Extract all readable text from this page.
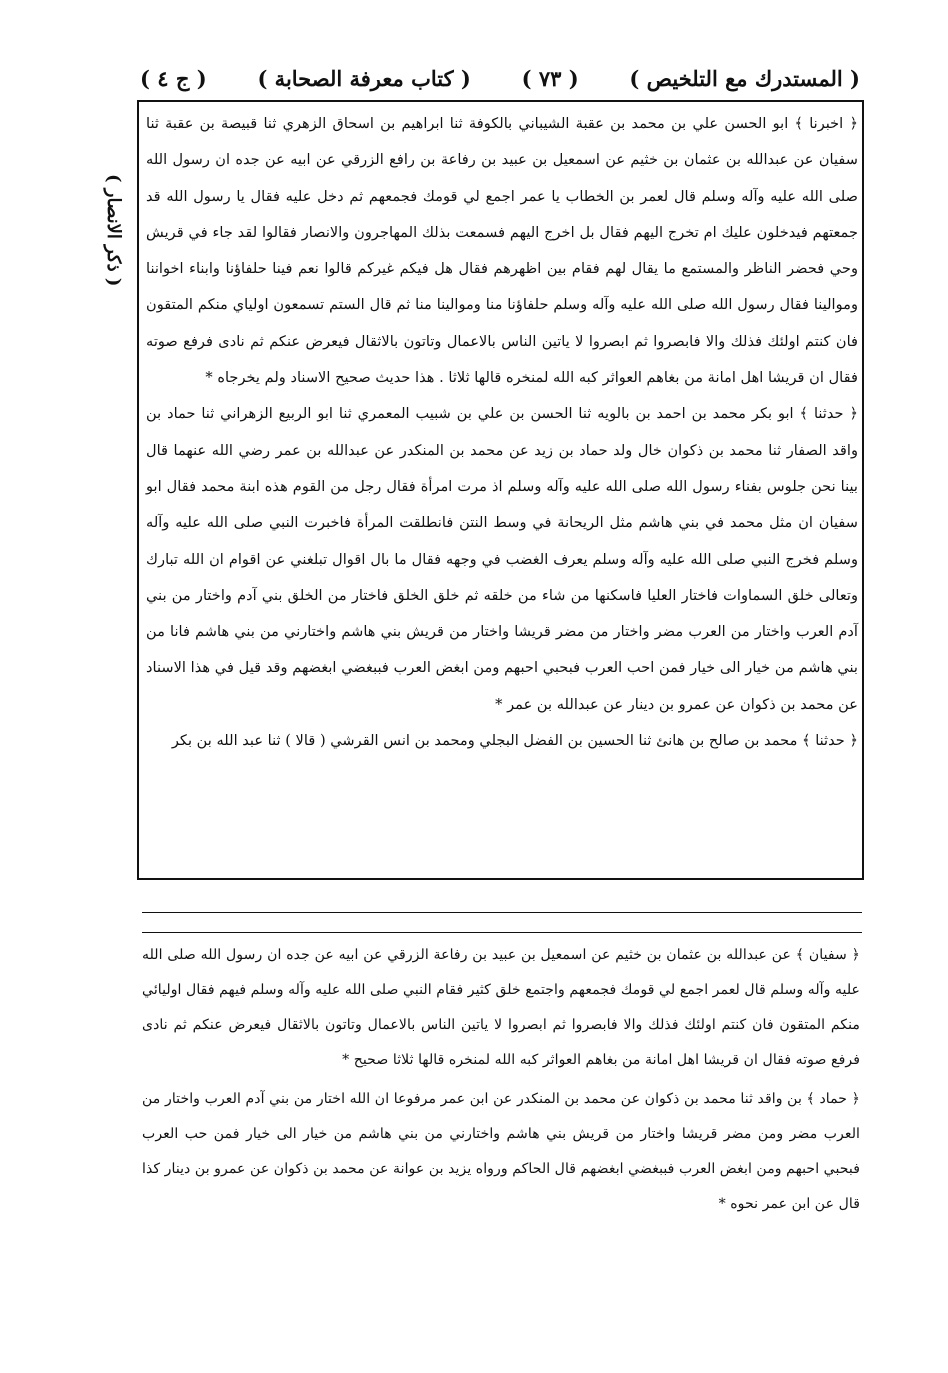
( المستدرك مع التلخيص )
( ٧٣ )
( كتاب معرفة الصحابة )
( ج ٤ )
( ذكر الانصار )

﴿ اخبرنا ﴾ ابو الحسن علي بن محمد بن عقبة الشيباني بالكوفة ثنا ابراهيم بن اسحاق الزهري ثنا قبيصة بن عقبة ثنا سفيان عن عبدالله بن عثمان بن خثيم عن اسمعيل بن عبيد بن رفاعة بن رافع الزرقي عن ابيه عن جده ان رسول الله صلى الله عليه وآله وسلم قال لعمر بن الخطاب يا عمر اجمع لي قومك فجمعهم ثم دخل عليه فقال يا رسول الله قد جمعتهم فيدخلون عليك ام تخرج اليهم فقال بل اخرج اليهم فسمعت بذلك المهاجرون والانصار فقالوا لقد جاء في قريش وحي فحضر الناظر والمستمع ما يقال لهم فقام بين اظهرهم فقال هل فيكم غيركم قالوا نعم فينا حلفاؤنا وابناء اخواننا وموالينا فقال رسول الله صلى الله عليه وآله وسلم حلفاؤنا منا وموالينا منا ثم قال الستم تسمعون اولياي منكم المتقون فان كنتم اولئك فذلك والا فابصروا ثم ابصروا لا ياتين الناس بالاعمال وتاتون بالاثقال فيعرض عنكم ثم نادى فرفع صوته فقال ان قريشا اهل امانة من بغاهم العواثر كبه الله لمنخره قالها ثلاثا . هذا حديث صحيح الاسناد ولم يخرجاه *

﴿ حدثنا ﴾ ابو بكر محمد بن احمد بن بالويه ثنا الحسن بن علي بن شبيب المعمري ثنا ابو الربيع الزهراني ثنا حماد بن واقد الصفار ثنا محمد بن ذكوان خال ولد حماد بن زيد عن محمد بن المنكدر عن عبدالله بن عمر رضي الله عنهما قال بينا نحن جلوس بفناء رسول الله صلى الله عليه وآله وسلم اذ مرت امرأة فقال رجل من القوم هذه ابنة محمد فقال ابو سفيان ان مثل محمد في بني هاشم مثل الريحانة في وسط النتن فانطلقت المرأة فاخبرت النبي صلى الله عليه وآله وسلم فخرج النبي صلى الله عليه وآله وسلم يعرف الغضب في وجهه فقال ما بال اقوال تبلغني عن اقوام ان الله تبارك وتعالى خلق السماوات فاختار العليا فاسكنها من شاء من خلقه ثم خلق الخلق فاختار من الخلق بني آدم واختار من بني آدم العرب واختار من العرب مضر واختار من مضر قريشا واختار من قريش بني هاشم واختارني من بني هاشم فانا من بني هاشم من خيار الى خيار فمن احب العرب فبحبي احبهم ومن ابغض العرب فببغضي ابغضهم وقد قيل في هذا الاسناد عن محمد بن ذكوان عن عمرو بن دينار عن عبدالله بن عمر *

﴿ حدثنا ﴾ محمد بن صالح بن هانئ ثنا الحسين بن الفضل البجلي ومحمد بن انس القرشي ( قالا ) ثنا عبد الله بن بكر

﴿ سفيان ﴾ عن عبدالله بن عثمان بن خثيم عن اسمعيل بن عبيد بن رفاعة الزرقي عن ابيه عن جده ان رسول الله صلى الله عليه وآله وسلم قال لعمر اجمع لي قومك فجمعهم واجتمع خلق كثير فقام النبي صلى الله عليه وآله وسلم فيهم فقال اوليائي منكم المتقون فان كنتم اولئك فذلك والا فابصروا ثم ابصروا لا ياتين الناس بالاعمال وتاتون بالاثقال فيعرض عنكم ثم نادى فرفع صوته فقال ان قريشا اهل امانة من بغاهم العواثر كبه الله لمنخره قالها ثلاثا صحيح *

﴿ حماد ﴾ بن واقد ثنا محمد بن ذكوان عن محمد بن المنكدر عن ابن عمر مرفوعا ان الله اختار من بني آدم العرب واختار من العرب مضر ومن مضر قريشا واختار من قريش بني هاشم واختارني من بني هاشم من خيار الى خيار فمن حب العرب فبحبي احبهم ومن ابغض العرب فببغضي ابغضهم قال الحاكم ورواه يزيد بن عوانة عن محمد بن ذكوان عن عمرو بن دينار كذا قال عن ابن عمر نحوه *
